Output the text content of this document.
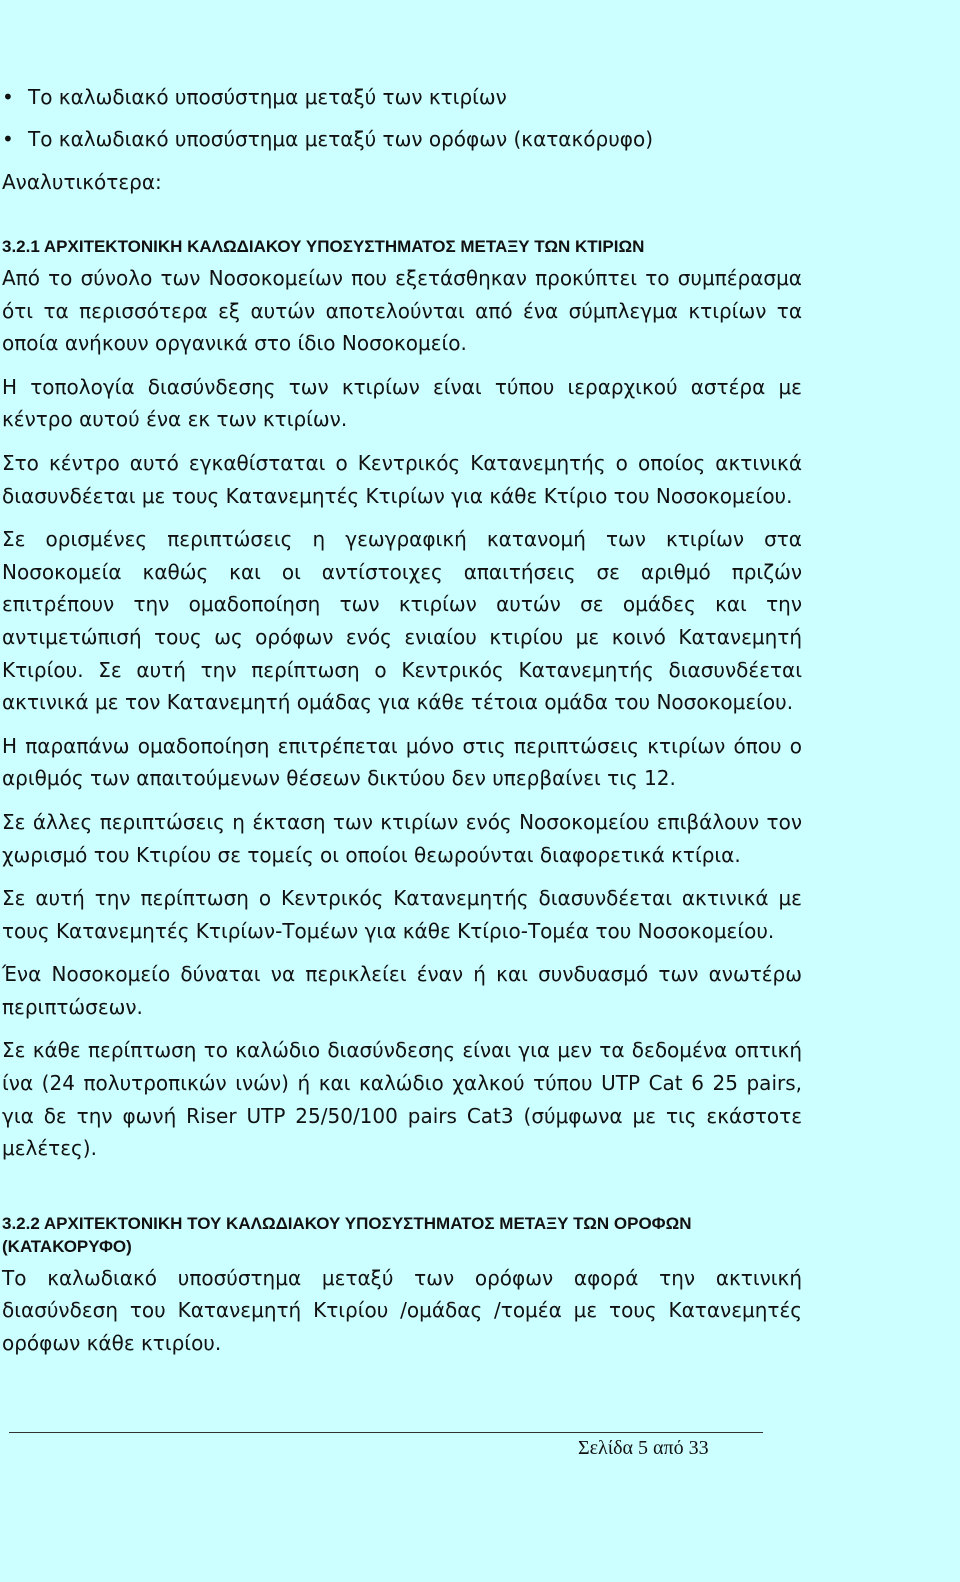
• Το καλωδιακό υποσύστημα μεταξύ των κτιρίων
• Το καλωδιακό υποσύστημα μεταξύ των ορόφων (κατακόρυφο)

Αναλυτικότερα:

3.2.1 ΑΡΧΙΤΕΚΤΟΝΙΚΗ ΚΑΛΩΔΙΑΚΟΥ ΥΠΟΣΥΣΤΗΜΑΤΟΣ ΜΕΤΑΞΥ ΤΩΝ ΚΤΙΡΙΩΝ

Από το σύνολο των Νοσοκομείων που εξετάσθηκαν προκύπτει το συμπέρασμα ότι τα περισσότερα εξ αυτών αποτελούνται από ένα σύμπλεγμα κτιρίων τα οποία ανήκουν οργανικά στο ίδιο Νοσοκομείο.

Η τοπολογία διασύνδεσης των κτιρίων είναι τύπου ιεραρχικού αστέρα με κέντρο αυτού ένα εκ των κτιρίων.

Στο κέντρο αυτό εγκαθίσταται ο Κεντρικός Κατανεμητής ο οποίος ακτινικά διασυνδέεται με τους Κατανεμητές Κτιρίων για κάθε Κτίριο του Νοσοκομείου.

Σε ορισμένες περιπτώσεις η γεωγραφική κατανομή των κτιρίων στα Νοσοκομεία καθώς και οι αντίστοιχες απαιτήσεις σε αριθμό πριζών επιτρέπουν την ομαδοποίηση των κτιρίων αυτών σε ομάδες και την αντιμετώπισή τους ως ορόφων ενός ενιαίου κτιρίου με κοινό Κατανεμητή Κτιρίου. Σε αυτή την περίπτωση ο Κεντρικός Κατανεμητής διασυνδέεται ακτινικά με τον Κατανεμητή ομάδας για κάθε τέτοια ομάδα του Νοσοκομείου.

Η παραπάνω ομαδοποίηση επιτρέπεται μόνο στις περιπτώσεις κτιρίων όπου ο αριθμός των απαιτούμενων θέσεων δικτύου δεν υπερβαίνει τις 12.

Σε άλλες περιπτώσεις η έκταση των κτιρίων ενός Νοσοκομείου επιβάλουν τον χωρισμό του Κτιρίου σε τομείς οι οποίοι θεωρούνται διαφορετικά κτίρια.

Σε αυτή την περίπτωση ο Κεντρικός Κατανεμητής διασυνδέεται ακτινικά με τους Κατανεμητές Κτιρίων-Τομέων για κάθε Κτίριο-Τομέα του Νοσοκομείου.

Ένα Νοσοκομείο δύναται να περικλείει έναν ή και συνδυασμό των ανωτέρω περιπτώσεων.

Σε κάθε περίπτωση το καλώδιο διασύνδεσης είναι για μεν τα δεδομένα οπτική ίνα (24 πολυτροπικών ινών) ή και καλώδιο χαλκού τύπου UTP Cat 6 25 pairs, για δε την φωνή Riser UTP 25/50/100 pairs Cat3 (σύμφωνα με τις εκάστοτε μελέτες).

3.2.2 ΑΡΧΙΤΕΚΤΟΝΙΚΗ ΤΟΥ ΚΑΛΩΔΙΑΚΟΥ ΥΠΟΣΥΣΤΗΜΑΤΟΣ ΜΕΤΑΞΥ ΤΩΝ ΟΡΟΦΩΝ (ΚΑΤΑΚΟΡΥΦΟ)

Το καλωδιακό υποσύστημα μεταξύ των ορόφων αφορά την ακτινική διασύνδεση του Κατανεμητή Κτιρίου /ομάδας /τομέα με τους Κατανεμητές ορόφων κάθε κτιρίου.

Σελίδα 5 από 33
